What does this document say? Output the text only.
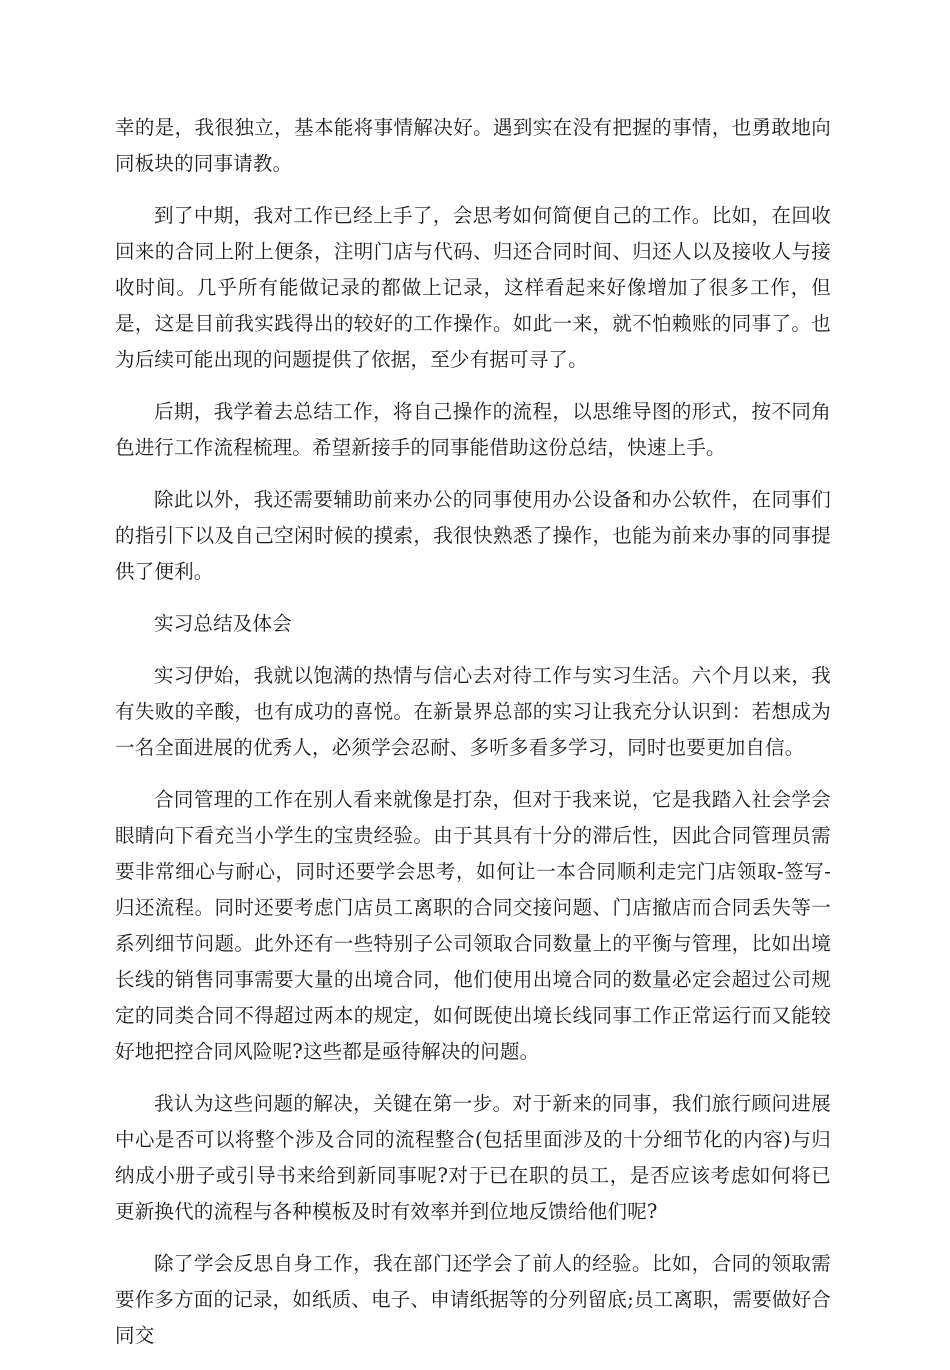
幸的是，我很独立，基本能将事情解决好。遇到实在没有把握的事情，也勇敢地向同板块的同事请教。

到了中期，我对工作已经上手了，会思考如何简便自己的工作。比如，在回收回来的合同上附上便条，注明门店与代码、归还合同时间、归还人以及接收人与接收时间。几乎所有能做记录的都做上记录，这样看起来好像增加了很多工作，但是，这是目前我实践得出的较好的工作操作。如此一来，就不怕赖账的同事了。也为后续可能出现的问题提供了依据，至少有据可寻了。

后期，我学着去总结工作，将自己操作的流程，以思维导图的形式，按不同角色进行工作流程梳理。希望新接手的同事能借助这份总结，快速上手。

除此以外，我还需要辅助前来办公的同事使用办公设备和办公软件，在同事们的指引下以及自己空闲时候的摸索，我很快熟悉了操作，也能为前来办事的同事提供了便利。

实习总结及体会

实习伊始，我就以饱满的热情与信心去对待工作与实习生活。六个月以来，我有失败的辛酸，也有成功的喜悦。在新景界总部的实习让我充分认识到：若想成为一名全面进展的优秀人，必须学会忍耐、多听多看多学习，同时也要更加自信。

合同管理的工作在别人看来就像是打杂，但对于我来说，它是我踏入社会学会眼睛向下看充当小学生的宝贵经验。由于其具有十分的滞后性，因此合同管理员需要非常细心与耐心，同时还要学会思考，如何让一本合同顺利走完门店领取-签写-归还流程。同时还要考虑门店员工离职的合同交接问题、门店撤店而合同丢失等一系列细节问题。此外还有一些特别子公司领取合同数量上的平衡与管理，比如出境长线的销售同事需要大量的出境合同，他们使用出境合同的数量必定会超过公司规定的同类合同不得超过两本的规定，如何既使出境长线同事工作正常运行而又能较好地把控合同风险呢?这些都是亟待解决的问题。

我认为这些问题的解决，关键在第一步。对于新来的同事，我们旅行顾问进展中心是否可以将整个涉及合同的流程整合(包括里面涉及的十分细节化的内容)与归纳成小册子或引导书来给到新同事呢?对于已在职的员工，是否应该考虑如何将已更新换代的流程与各种模板及时有效率并到位地反馈给他们呢?

除了学会反思自身工作，我在部门还学会了前人的经验。比如，合同的领取需要作多方面的记录，如纸质、电子、申请纸据等的分列留底;员工离职，需要做好合同交
